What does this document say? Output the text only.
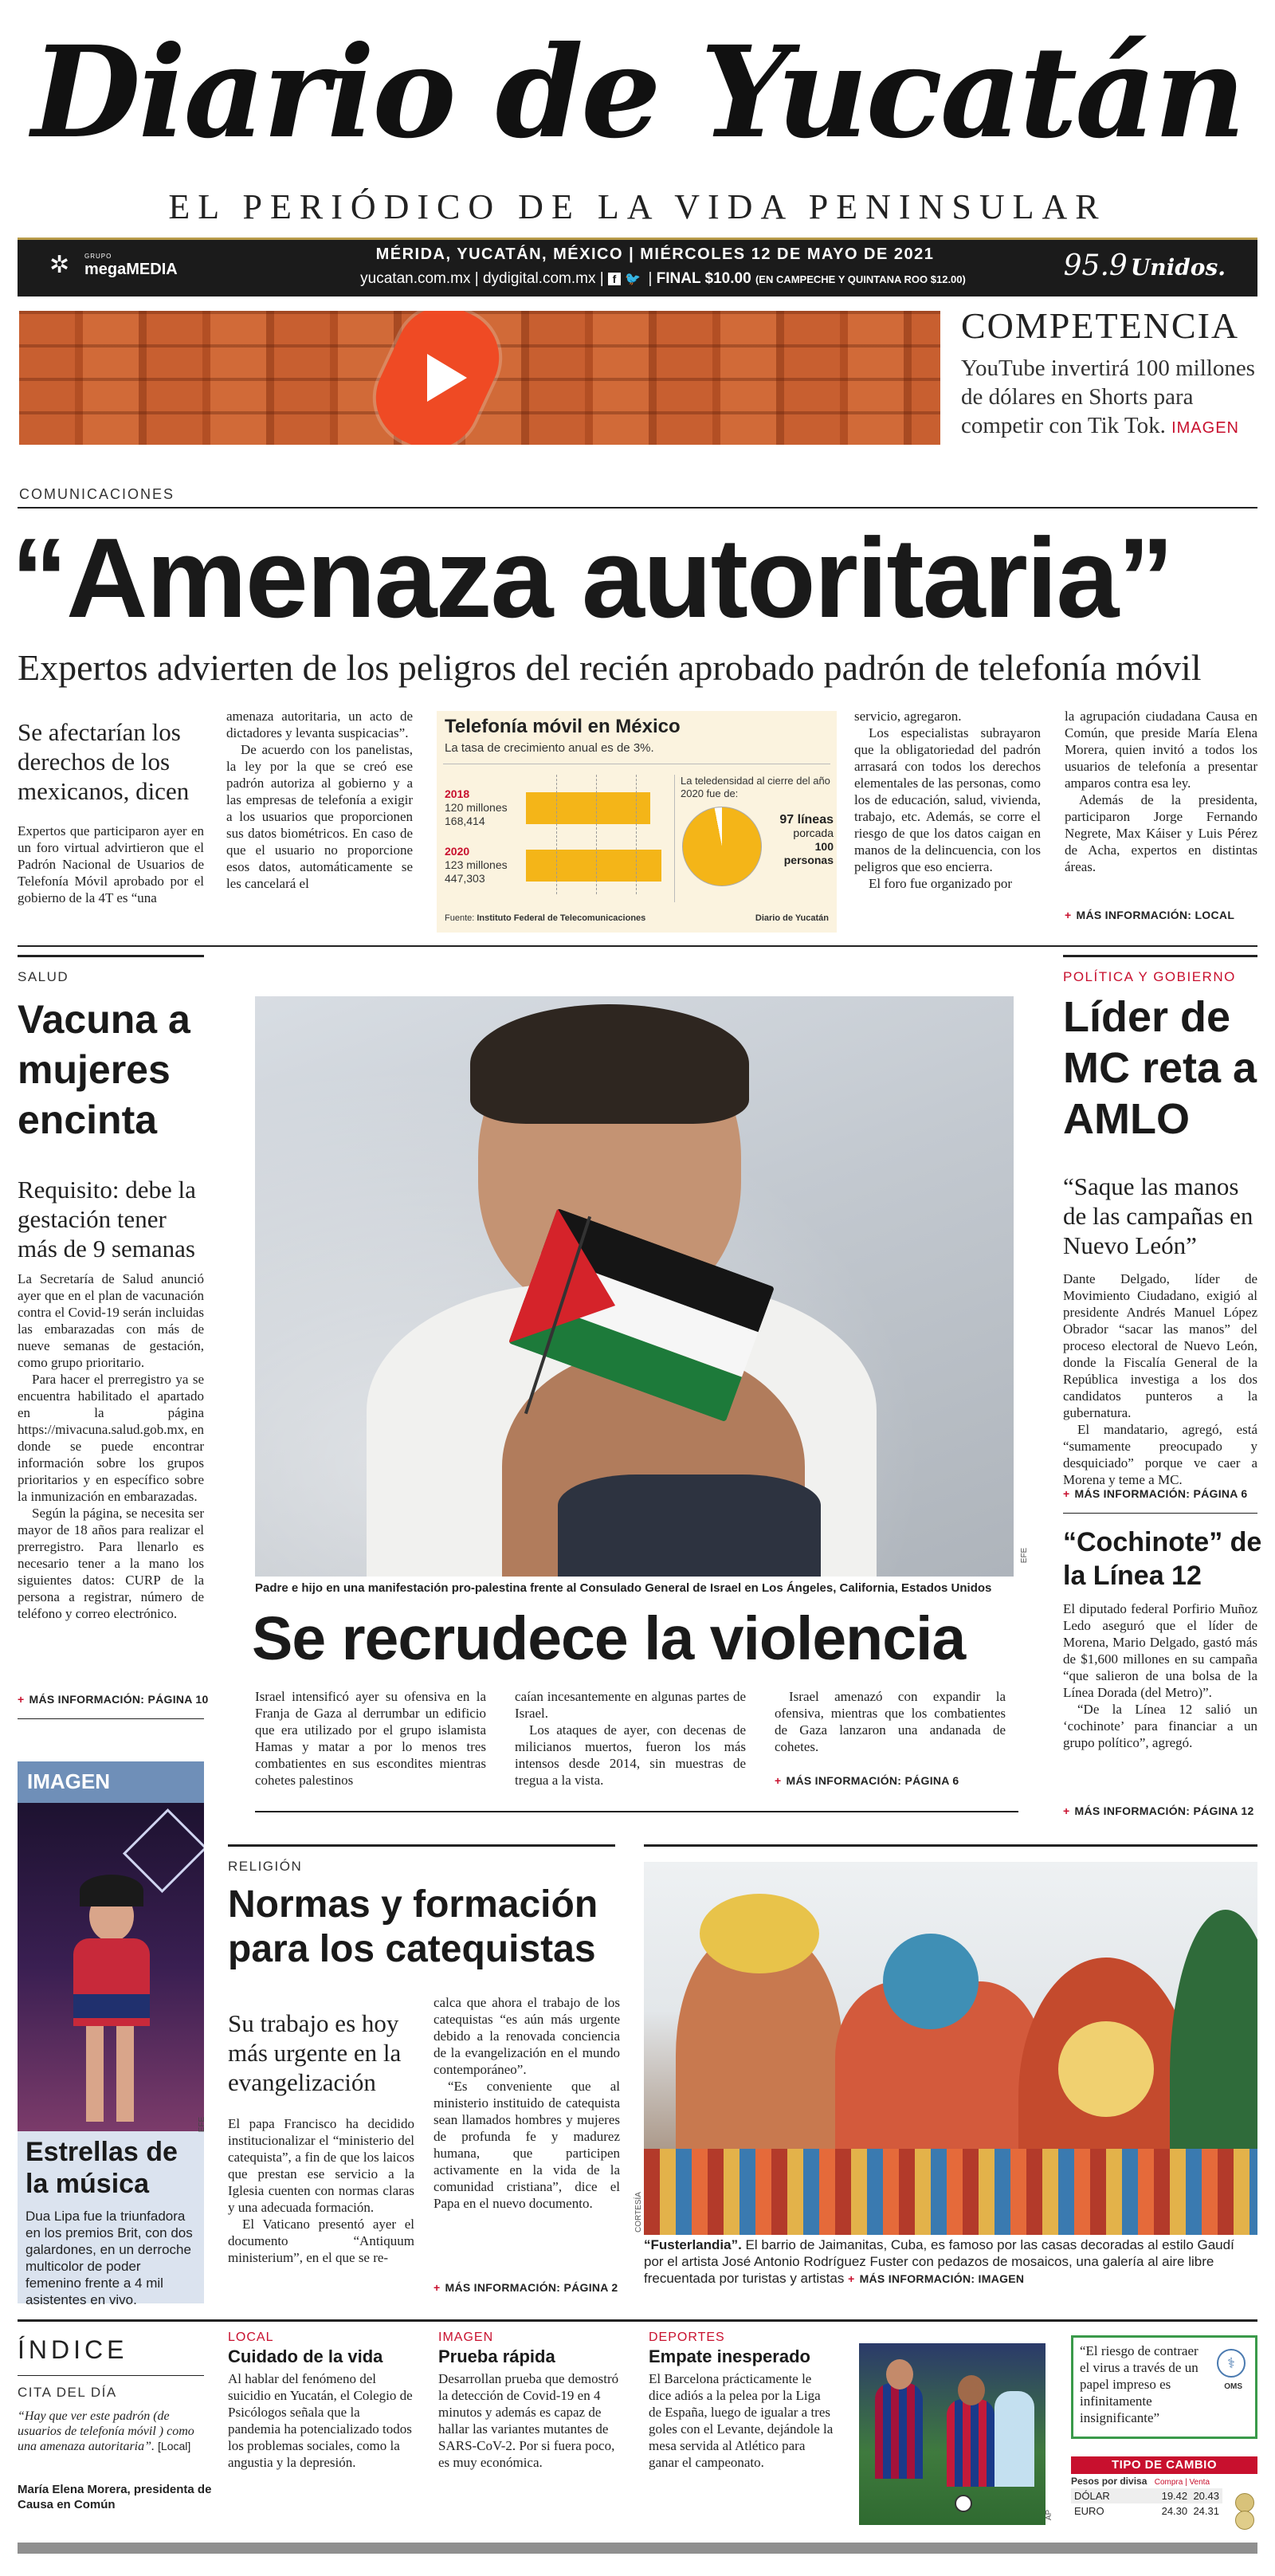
Diario de Yucatán
EL PERIÓDICO DE LA VIDA PENINSULAR
✲ GRUPO
megaMEDIA
MÉRIDA, YUCATÁN, MÉXICO | MIÉRCOLES 12 DE MAYO DE 2021
yucatan.com.mx | dydigital.com.mx | f 🐦 | FINAL $10.00 (EN CAMPECHE Y QUINTANA ROO $12.00)	95.9 Unidos.
COMPETENCIA
YouTube invertirá 100 millones de dólares en Shorts para competir con Tik Tok. IMAGEN
COMUNICACIONES
“Amenaza autoritaria”
Expertos advierten de los peligros del recién aprobado padrón de telefonía móvil
Se afectarían los derechos de los mexicanos, dicen

Expertos que participaron ayer en un foro virtual advirtieron que el Padrón Nacional de Usuarios de Telefonía Móvil aprobado por el gobierno de la 4T es “una

amenaza autoritaria, un acto de dictadores y levanta suspicacias”.

De acuerdo con los panelistas, la ley por la que se creó ese padrón autoriza al gobierno y a las empresas de telefonía a exigir a los usuarios que proporcionen sus datos biométricos. En caso de que el usuario no proporcione esos datos, automáticamente se les cancelará el

Telefonía móvil en México
La tasa de crecimiento anual es de 3%.
2018
120 millones
168,414
2020
123 millones
447,303
La teledensidad al cierre del año 2020 fue de:
97 líneas
porcada
100
personas
Fuente: Instituto Federal de Telecomunicaciones	Diario de Yucatán

servicio, agregaron.

Los especialistas subrayaron que la obligatoriedad del padrón arrasará con todos los derechos elementales de las personas, como los de educación, salud, vivienda, trabajo, etc. Además, se corre el riesgo de que los datos caigan en manos de la delincuencia, con los peligros que eso encierra.

El foro fue organizado por

la agrupación ciudadana Causa en Común, que preside María Elena Morera, quien invitó a todos los usuarios de telefonía a presentar amparos contra esa ley.

Además de la presidenta, participaron Jorge Fernando Negrete, Max Káiser y Luis Pérez de Acha, expertos en distintas áreas.

+ MÁS INFORMACIÓN: LOCAL
SALUD
Vacuna a mujeres encinta
Requisito: debe la gestación tener más de 9 semanas

La Secretaría de Salud anunció ayer que en el plan de vacunación contra el Covid-19 serán incluidas las embarazadas con más de nueve semanas de gestación, como grupo prioritario.

Para hacer el prerregistro ya se encuentra habilitado el apartado en la página https://mivacuna.salud.gob.mx, en donde se puede encontrar información sobre los grupos prioritarios y en específico sobre la inmunización en embarazadas.

Según la página, se necesita ser mayor de 18 años para realizar el prerregistro. Para llenarlo es necesario tener a la mano los siguientes datos: CURP de la persona a registrar, número de teléfono y correo electrónico.

+ MÁS INFORMACIÓN: PÁGINA 10
EFE
Padre e hijo en una manifestación pro-palestina frente al Consulado General de Israel en Los Ángeles, California, Estados Unidos
Se recrudece la violencia

Israel intensificó ayer su ofensiva en la Franja de Gaza al derrumbar un edificio que era utilizado por el grupo islamista Hamas y matar a por lo menos tres combatientes en sus escondites mientras cohetes palestinos

caían incesantemente en algunas partes de Israel.

Los ataques de ayer, con decenas de milicianos muertos, fueron los más intensos desde 2014, sin muestras de tregua a la vista.

Israel amenazó con expandir la ofensiva, mientras que los combatientes de Gaza lanzaron una andanada de cohetes.

+ MÁS INFORMACIÓN: PÁGINA 6
POLÍTICA Y GOBIERNO
Líder de MC reta a AMLO
“Saque las manos de las campañas en Nuevo León”

Dante Delgado, líder de Movimiento Ciudadano, exigió al presidente Andrés Manuel López Obrador “sacar las manos” del proceso electoral de Nuevo León, donde la Fiscalía General de la República investiga a los dos candidatos punteros a la gubernatura.

El mandatario, agregó, está “sumamente preocupado y desquiciado” porque ve caer a Morena y teme a MC.

+ MÁS INFORMACIÓN: PÁGINA 6
“Cochinote” de la Línea 12

El diputado federal Porfirio Muñoz Ledo aseguró que el líder de Morena, Mario Delgado, gastó más de $1,600 millones en su campaña “que salieron de una bolsa de la Línea Dorada (del Metro)”.

“De la Línea 12 salió un ‘cochinote’ para financiar a un grupo político”, agregó.

+ MÁS INFORMACIÓN: PÁGINA 12
IMAGEN
EFE
Estrellas de la música
Dua Lipa fue la triunfadora en los premios Brit, con dos galardones, en un derroche multicolor de poder femenino frente a 4 mil asistentes en vivo.
RELIGIÓN
Normas y formación para los catequistas
Su trabajo es hoy más urgente en la evangelización

El papa Francisco ha decidido institucionalizar el “ministerio del catequista”, a fin de que los laicos que prestan ese servicio a la Iglesia cuenten con normas claras y una adecuada formación.

El Vaticano presentó ayer el documento “Antiquum ministerium”, en el que se re-

calca que ahora el trabajo de los catequistas “es aún más urgente debido a la renovada conciencia de la evangelización en el mundo contemporáneo”.

“Es conveniente que al ministerio instituido de catequista sean llamados hombres y mujeres de profunda fe y madurez humana, que participen activamente en la vida de la comunidad cristiana”, dice el Papa en el nuevo documento.

+ MÁS INFORMACIÓN: PÁGINA 2
CORTESÍA
“Fusterlandia”. El barrio de Jaimanitas, Cuba, es famoso por las casas decoradas al estilo Gaudí por el artista José Antonio Rodríguez Fuster con pedazos de mosaicos, una galería al aire libre frecuentada por turistas y artistas + MÁS INFORMACIÓN: IMAGEN
ÍNDICE
CITA DEL DÍA
“Hay que ver este padrón (de usuarios de telefonía móvil ) como una amenaza autoritaria”. [Local]
María Elena Morera, presidenta de Causa en Común
LOCAL
Cuidado de la vida
Al hablar del fenómeno del suicidio en Yucatán, el Colegio de Psicólogos señala que la pandemia ha potencializado todos los problemas sociales, como la angustia y la depresión.
IMAGEN
Prueba rápida
Desarrollan prueba que demostró la detección de Covid-19 en 4 minutos y además es capaz de hallar las variantes mutantes de SARS-CoV-2. Por si fuera poco, es muy económica.
DEPORTES
Empate inesperado
El Barcelona prácticamente le dice adiós a la pelea por la Liga de España, luego de igualar a tres goles con el Levante, dejándole la mesa servida al Atlético para ganar el campeonato.
AP
“El riesgo de contraer el virus a través de un papel impreso es infinitamente insignificante”
⚕
OMS
TIPO DE CAMBIO
Pesos por divisa Compra | Venta
DÓLAR	19.42 20.43
EURO	24.30 24.31
